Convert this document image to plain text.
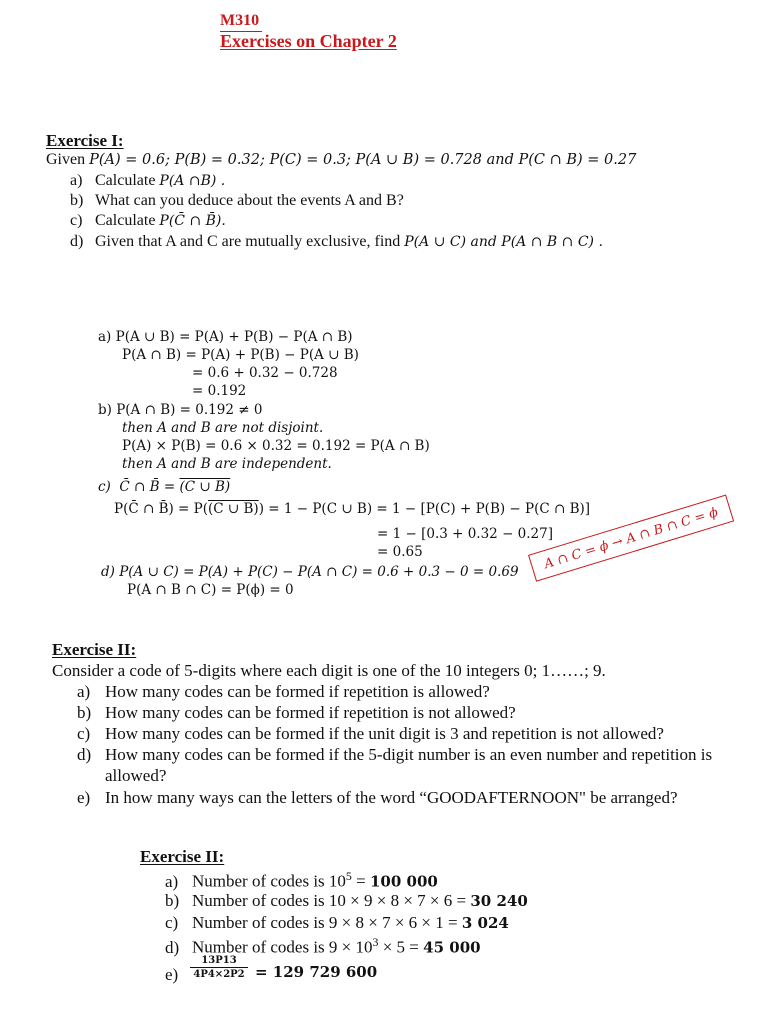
M310
Exercises on Chapter 2
Exercise I:
Given P(A) = 0.6; P(B) = 0.32; P(C) = 0.3; P(A ∪ B) = 0.728 and P(C ∩ B) = 0.27
a) Calculate P(A ∩B) .
b) What can you deduce about the events A and B?
c) Calculate P(C̄ ∩ B̄).
d) Given that A and C are mutually exclusive, find P(A ∪ C) and P(A ∩ B ∩ C) .
a) P(A ∪ B) = P(A) + P(B) − P(A ∩ B)
P(A ∩ B) = P(A) + P(B) − P(A ∪ B)
= 0.6 + 0.32 − 0.728
= 0.192
b) P(A ∩ B) = 0.192 ≠ 0
then A and B are not disjoint.
P(A) × P(B) = 0.6 × 0.32 = 0.192 = P(A ∩ B)
then A and B are independent.
c) C̄ ∩ B̄ = (C ∪ B)
P(C̄ ∩ B̄) = P((C ∪ B)) = 1 − P(C ∪ B) = 1 − [P(C) + P(B) − P(C ∩ B)]
= 1 − [0.3 + 0.32 − 0.27]
= 0.65
d) P(A ∪ C) = P(A) + P(C) − P(A ∩ C) = 0.6 + 0.3 − 0 = 0.69
P(A ∩ B ∩ C) = P(ϕ) = 0
A ∩ C = ϕ → A ∩ B ∩ C = ϕ
Exercise II:
Consider a code of 5-digits where each digit is one of the 10 integers 0; 1……; 9.
a) How many codes can be formed if repetition is allowed?
b) How many codes can be formed if repetition is not allowed?
c) How many codes can be formed if the unit digit is 3 and repetition is not allowed?
d) How many codes can be formed if the 5-digit number is an even number and repetition is
allowed?
e) In how many ways can the letters of the word “GOODAFTERNOON" be arranged?
Exercise II:
a) Number of codes is $10^5 = 100$ 000
b) Number of codes is 10 × 9 × 8 × 7 × 6 = 30 240
c) Number of codes is 9 × 8 × 7 × 6 × 1 = 3 024
d) Number of codes is $9 \times 10^3 \times 5 = 45$ 000
e)
13P13
4P4×2P2 = 129 729 600
